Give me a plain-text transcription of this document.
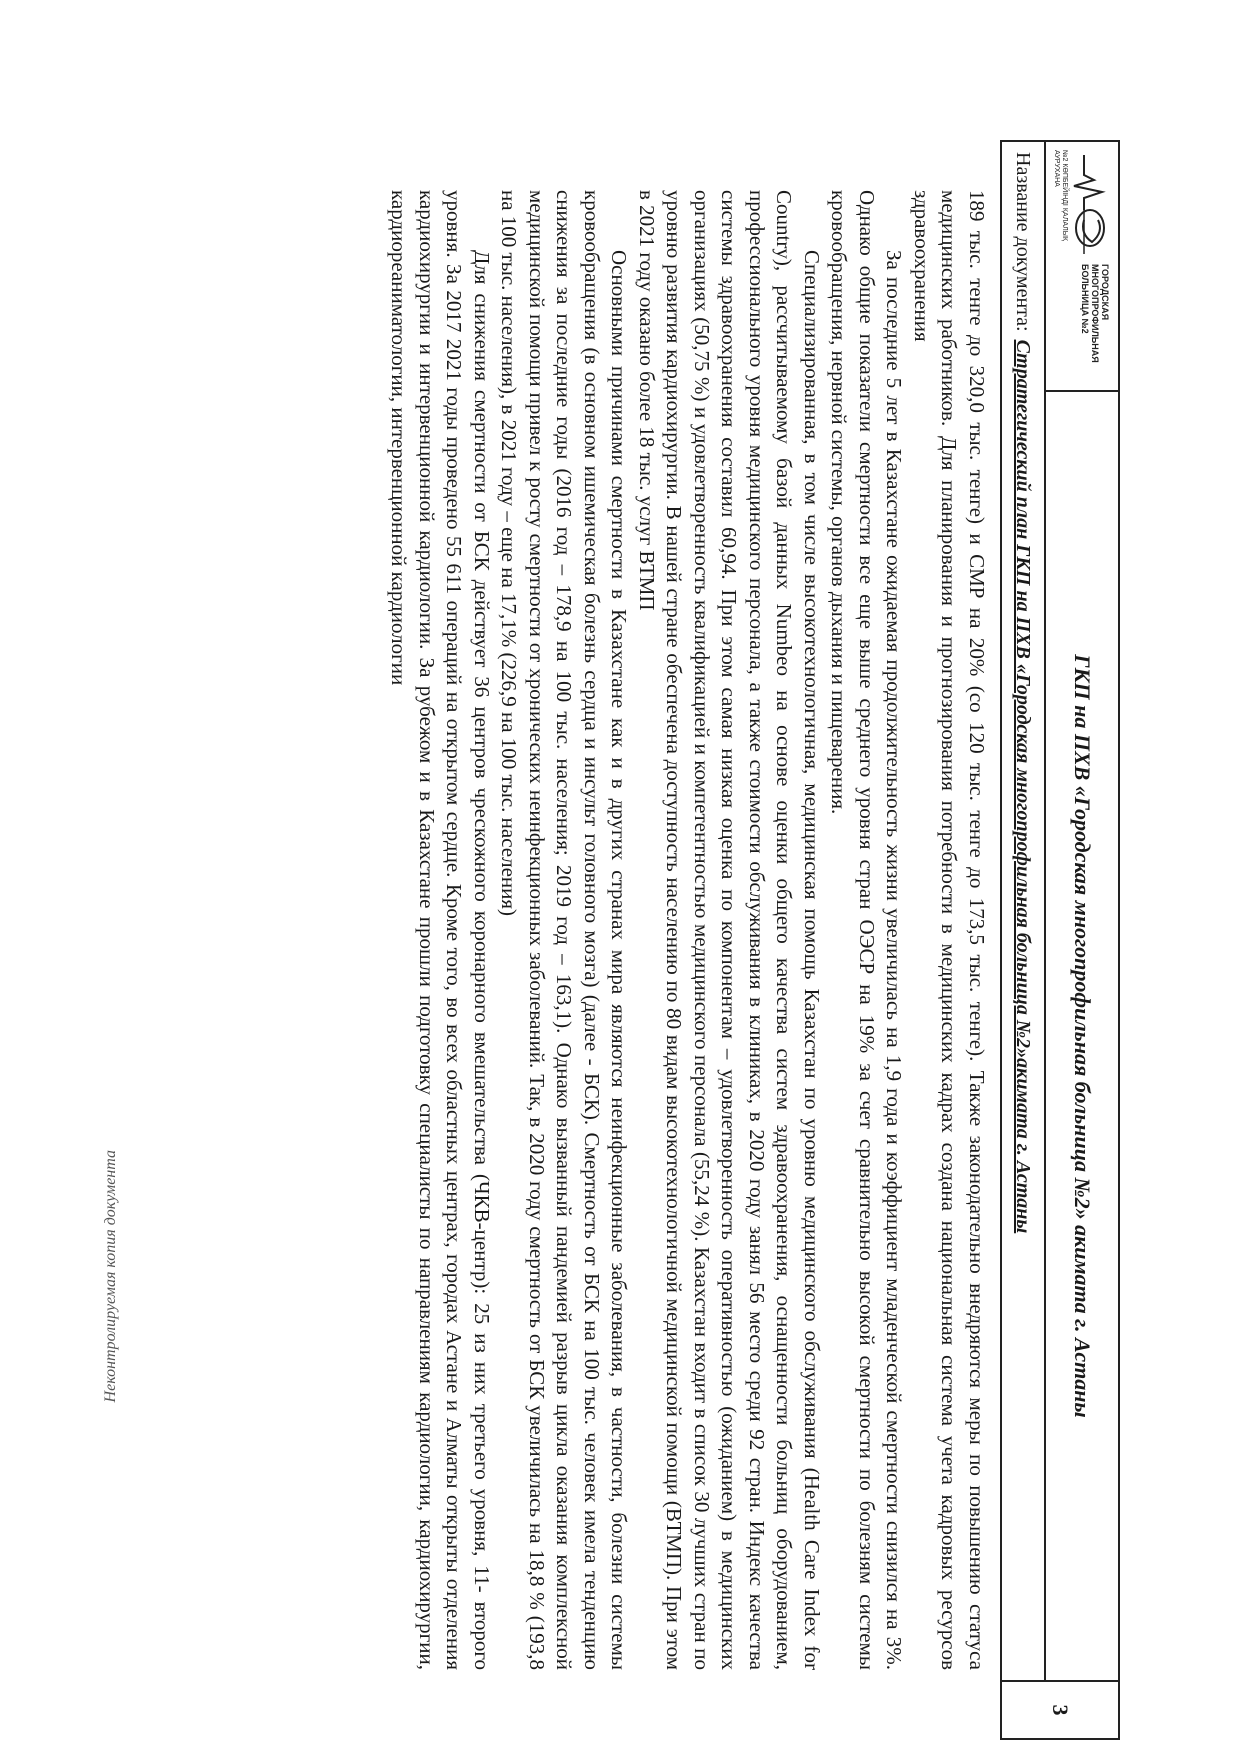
ГОРОДСКАЯ МНОГОПРОФИЛЬНАЯ БОЛЬНИЦА №2
№2 КӨПБЕЙІНДІ ҚАЛАЛЫҚ АУРУХАНА
ГКП на ПХВ «Городская многопрофильная больница №2» акимата г. Астаны
3
Название документа:
Стратегический план ГКП на ПХВ «Городская многопрофильная больница №2»акимата г. Астаны

189 тыс. тенге до 320,0 тыс. тенге) и СМР на 20% (со 120 тыс. тенге до 173,5 тыс. тенге). Также законодательно внедряются меры по повышению статуса медицинских работников. Для планирования и прогнозирования потребности в медицинских кадрах создана национальная система учета кадровых ресурсов здравоохранения

За последние 5 лет в Казахстане ожидаемая продолжительность жизни увеличилась на 1,9 года и коэффициент младенческой смертности снизился на 3%. Однако общие показатели смертности все еще выше среднего уровня стран ОЭСР на 19% за счет сравнительно высокой смертности по болезням системы кровообращения, нервной системы, органов дыхания и пищеварения.

Специализированная, в том числе высокотехнологичная, медицинская помощь Казахстан по уровню медицинского обслуживания (Health Care Index for Country), рассчитываемому базой данных Numbeo на основе оценки общего качества систем здравоохранения, оснащенности больниц оборудованием, профессионального уровня медицинского персонала, а также стоимости обслуживания в клиниках, в 2020 году занял 56 место среди 92 стран. Индекс качества системы здравоохранения составил 60,94. При этом самая низкая оценка по компонентам – удовлетворенность оперативностью (ожиданием) в медицинских организациях (50,75 %) и удовлетворенность квалификацией и компетентностью медицинского персонала (55,24 %). Казахстан входит в список 30 лучших стран по уровню развития кардиохирургии. В нашей стране обеспечена доступность населению по 80 видам высокотехнологичной медицинской помощи (ВТМП). При этом в 2021 году оказано более 18 тыс. услуг ВТМП

Основными причинами смертности в Казахстане как и в других странах мира являются неинфекционные заболевания, в частности, болезни системы кровообращения (в основном ишемическая болезнь сердца и инсульт головного мозга) (далее - БСК). Смертность от БСК на 100 тыс. человек имела тенденцию снижения за последние годы (2016 год – 178,9 на 100 тыс. населения; 2019 год – 163,1). Однако вызванный пандемией разрыв цикла оказания комплексной медицинской помощи привел к росту смертности от хронических неинфекционных заболеваний. Так, в 2020 году смертность от БСК увеличилась на 18,8 % (193,8 на 100 тыс. населения), в 2021 году – еще на 17,1% (226,9 на 100 тыс. населения)

Для снижения смертности от БСК действует 36 центров чрескожного коронарного вмешательства (ЧКВ-центр): 25 из них третьего уровня, 11- второго уровня. За 2017 2021 годы проведено 55 611 операций на открытом сердце. Кроме того, во всех областных центрах, городах Астане и Алматы открыты отделения кардиохирургии и интервенционной кардиологии. За рубежом и в Казахстане прошли подготовку специалисты по направлениям кардиологии, кардиохирургии, кардиореаниматологии, интервенционной кардиологии

Неконтролируемая копия документа
